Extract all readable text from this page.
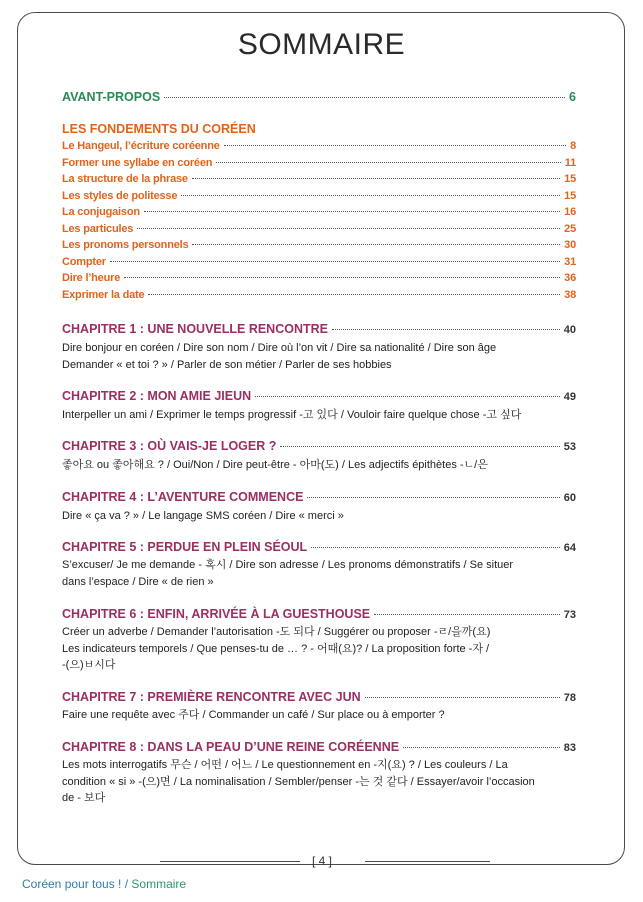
SOMMAIRE
AVANT-PROPOS	6
LES FONDEMENTS DU CORÉEN
Le Hangeul, l’écriture coréenne	8
Former une syllabe en coréen	11
La structure de la phrase	15
Les styles de politesse	15
La conjugaison	16
Les particules	25
Les pronoms personnels	30
Compter	31
Dire l’heure	36
Exprimer la date	38
CHAPITRE 1 : UNE NOUVELLE RENCONTRE	40
Dire bonjour en coréen / Dire son nom / Dire où l’on vit / Dire sa nationalité / Dire son âge
Demander « et toi ? » / Parler de son métier / Parler de ses hobbies
CHAPITRE 2 : MON AMIE JIEUN	49
Interpeller un ami / Exprimer le temps progressif -고 있다 / Vouloir faire quelque chose -고 싶다
CHAPITRE 3 : OÙ VAIS-JE LOGER ?	53
좋아요 ou 좋아해요 ? / Oui/Non / Dire peut-être - 아마(도) / Les adjectifs épithètes -ㄴ/은
CHAPITRE 4 : L’AVENTURE COMMENCE	60
Dire « ça va ? » / Le langage SMS coréen / Dire « merci »
CHAPITRE 5 : PERDUE EN PLEIN SÉOUL	64
S’excuser/ Je me demande - 혹시 / Dire son adresse / Les pronoms démonstratifs / Se situer
dans l’espace / Dire « de rien »
CHAPITRE 6 : ENFIN, ARRIVÉE À LA GUESTHOUSE	73
Créer un adverbe / Demander l’autorisation -도 되다 / Suggérer ou proposer -ㄹ/을까(요)
Les indicateurs temporels / Que penses-tu de … ? - 어때(요)? / La proposition forte -자 /
-(으)ㅂ시다
CHAPITRE 7 : PREMIÈRE RENCONTRE AVEC JUN	78
Faire une requête avec 주다 / Commander un café / Sur place ou à emporter ?
CHAPITRE 8 : DANS LA PEAU D’UNE REINE CORÉENNE	83
Les mots interrogatifs 무슨 / 어떤 / 어느 / Le questionnement en -지(요) ? / Les couleurs / La
condition « si » -(으)면 / La nominalisation / Sembler/penser -는 것 같다 / Essayer/avoir l’occasion
de - 보다
[ 4 ]
Coréen pour tous ! / Sommaire
